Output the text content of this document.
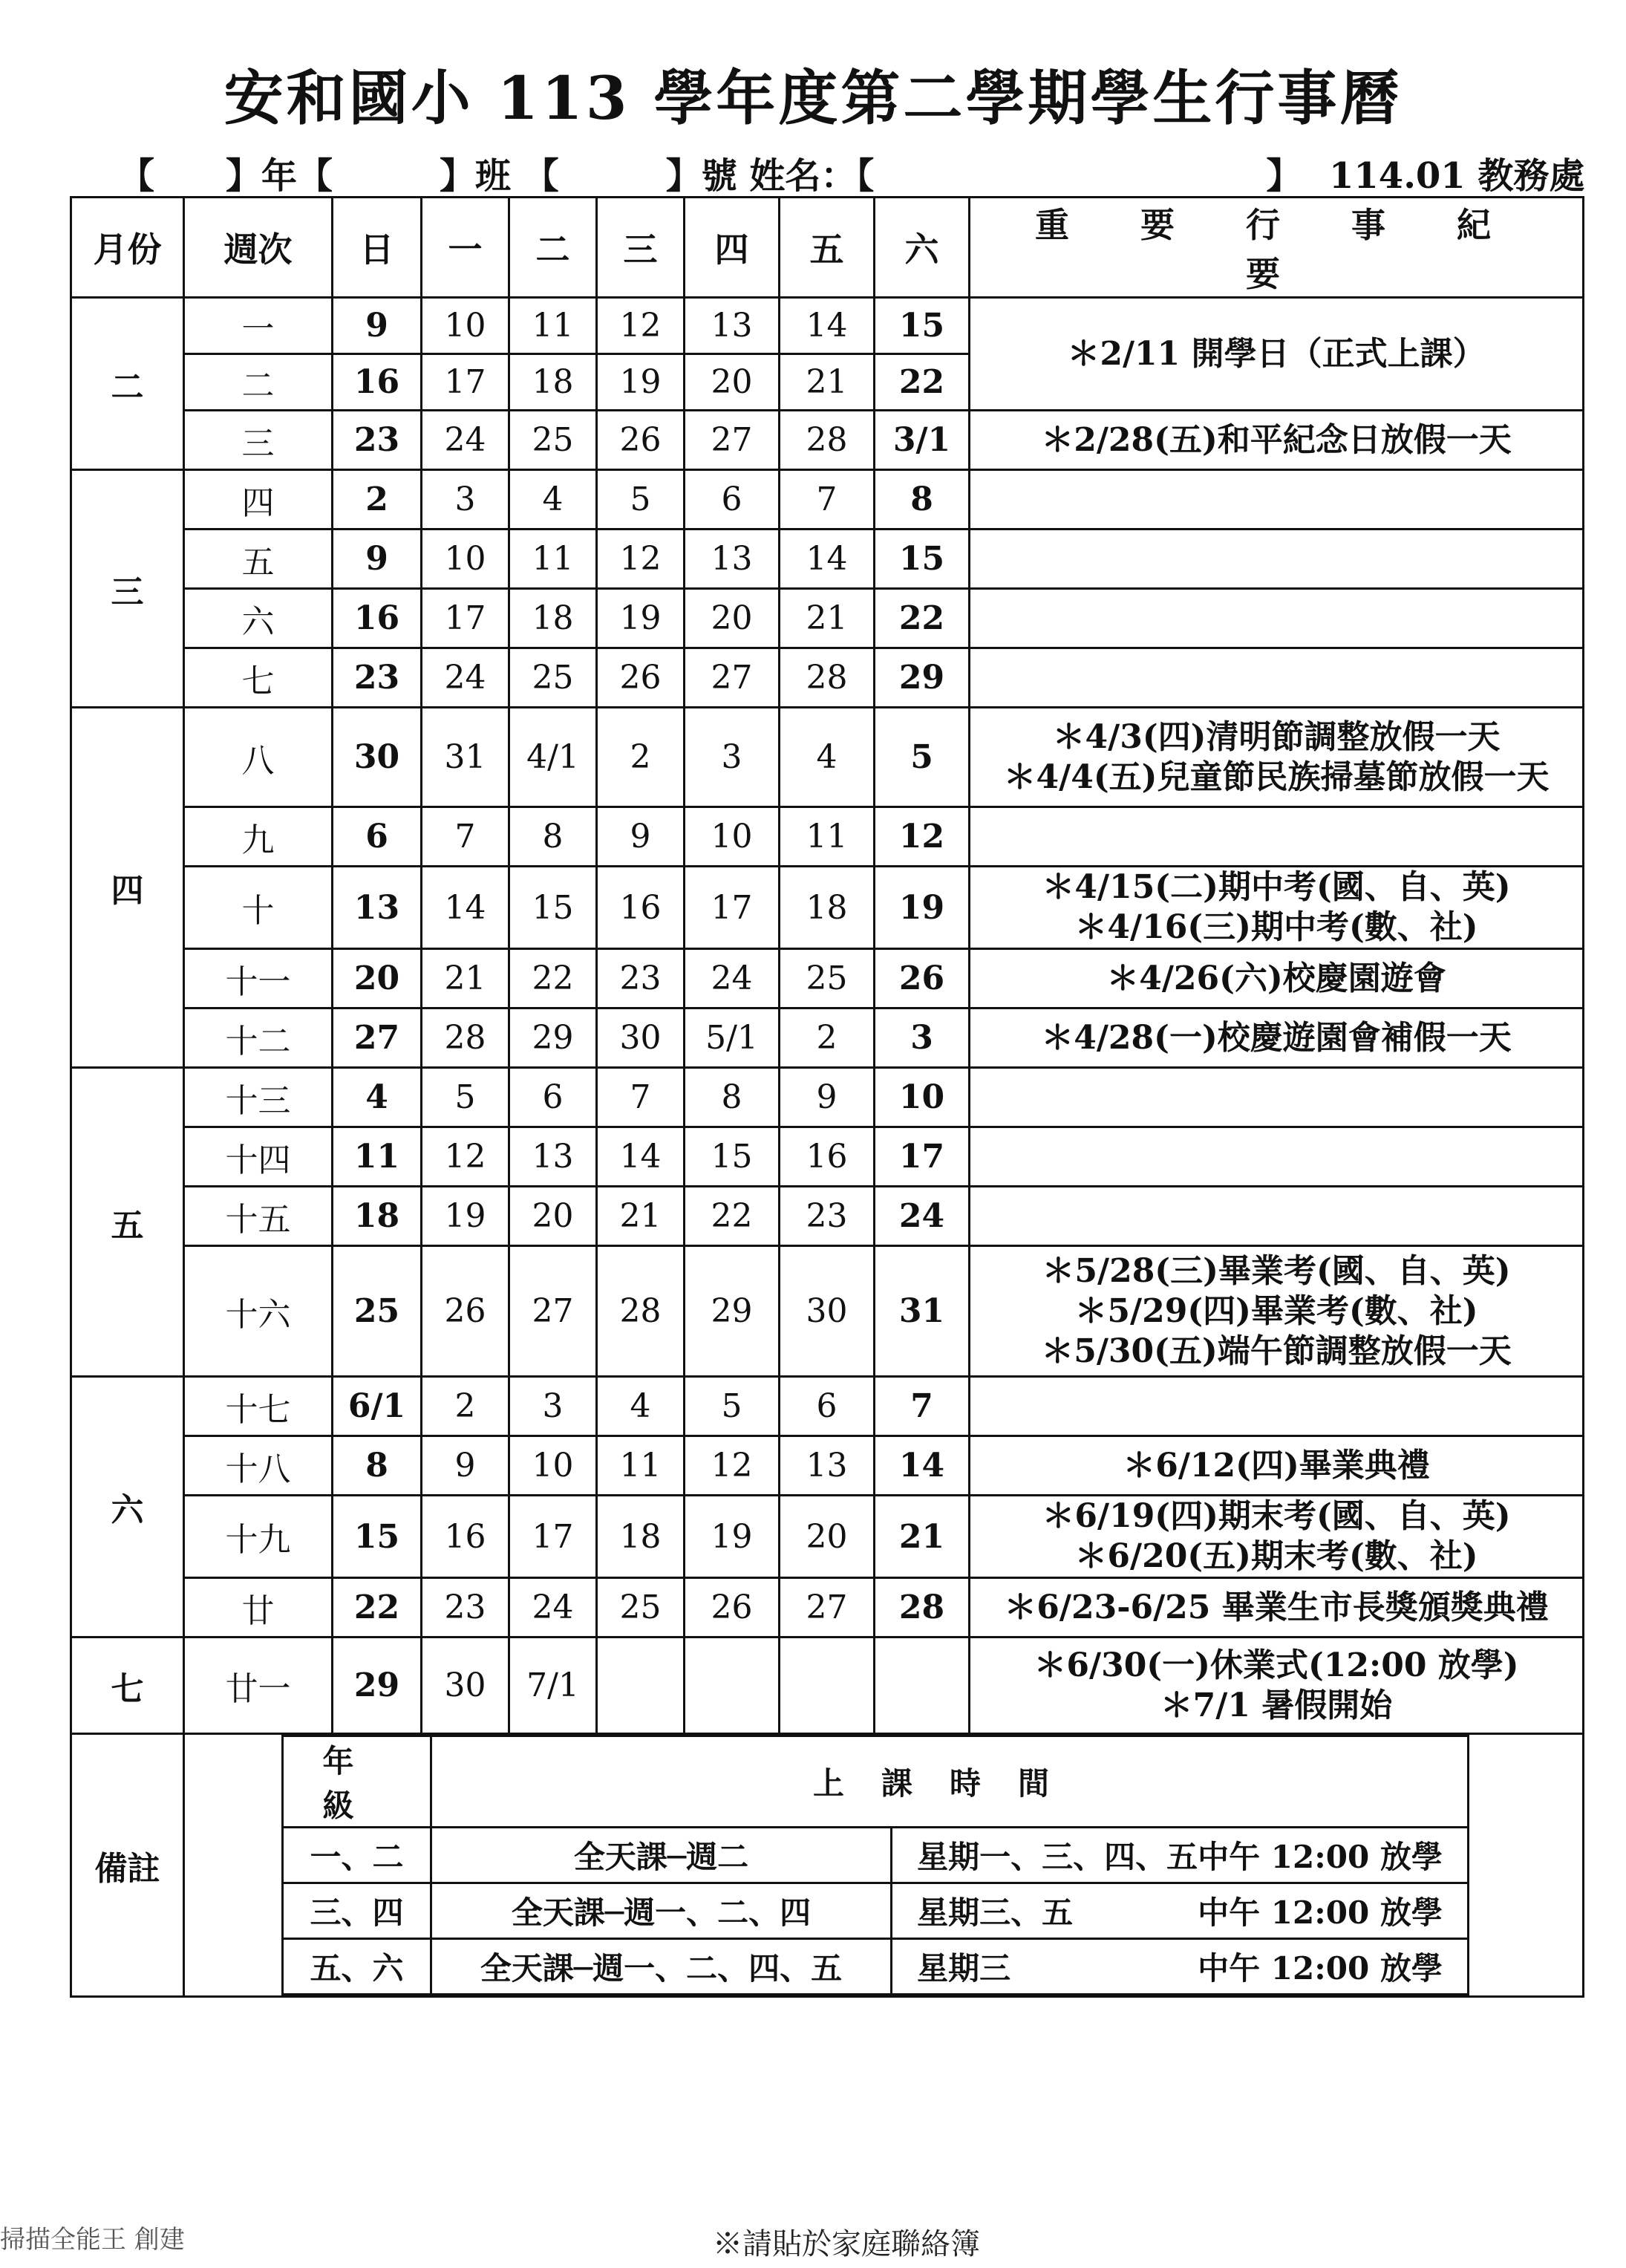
安和國小 113 學年度第二學期學生行事曆
【　　】年【　　　】班 【　　　】號 姓名：【　　　　　　　　　　　】 114.01 教務處
月份	週次	日	一	二	三	四	五	六	重要行事紀要
二	一	9	10	11	12	13	14	15	＊2/11 開學日（正式上課）
二	16	17	18	19	20	21	22
三	23	24	25	26	27	28	3/1	＊2/28(五)和平紀念日放假一天
三	四	2	3	4	5	6	7	8	
五	9	10	11	12	13	14	15	
六	16	17	18	19	20	21	22	
七	23	24	25	26	27	28	29	
四	八	30	31	4/1	2	3	4	5	＊4/3(四)清明節調整放假一天
＊4/4(五)兒童節民族掃墓節放假一天
九	6	7	8	9	10	11	12	
十	13	14	15	16	17	18	19	＊4/15(二)期中考(國、自、英)
＊4/16(三)期中考(數、社)
十一	20	21	22	23	24	25	26	＊4/26(六)校慶園遊會
十二	27	28	29	30	5/1	2	3	＊4/28(一)校慶遊園會補假一天
五	十三	4	5	6	7	8	9	10	
十四	11	12	13	14	15	16	17	
十五	18	19	20	21	22	23	24	
十六	25	26	27	28	29	30	31	＊5/28(三)畢業考(國、自、英)
＊5/29(四)畢業考(數、社)
＊5/30(五)端午節調整放假一天
六	十七	6/1	2	3	4	5	6	7	
十八	8	9	10	11	12	13	14	＊6/12(四)畢業典禮
十九	15	16	17	18	19	20	21	＊6/19(四)期末考(國、自、英)
＊6/20(五)期末考(數、社)
廿	22	23	24	25	26	27	28	＊6/23-6/25 畢業生市長獎頒獎典禮
七	廿一	29	30	7/1					＊6/30(一)休業式(12:00 放學)
＊7/1 暑假開始
備註	
年級	上課時間
一、二	全天課─週二	星期一、三、四、五中午 12:00 放學
三、四	全天課─週一、二、四	星期三、五　　　　中午 12:00 放學
五、六	全天課─週一、二、四、五	星期三　　　　　　中午 12:00 放學
掃描全能王 創建	※請貼於家庭聯絡簿
